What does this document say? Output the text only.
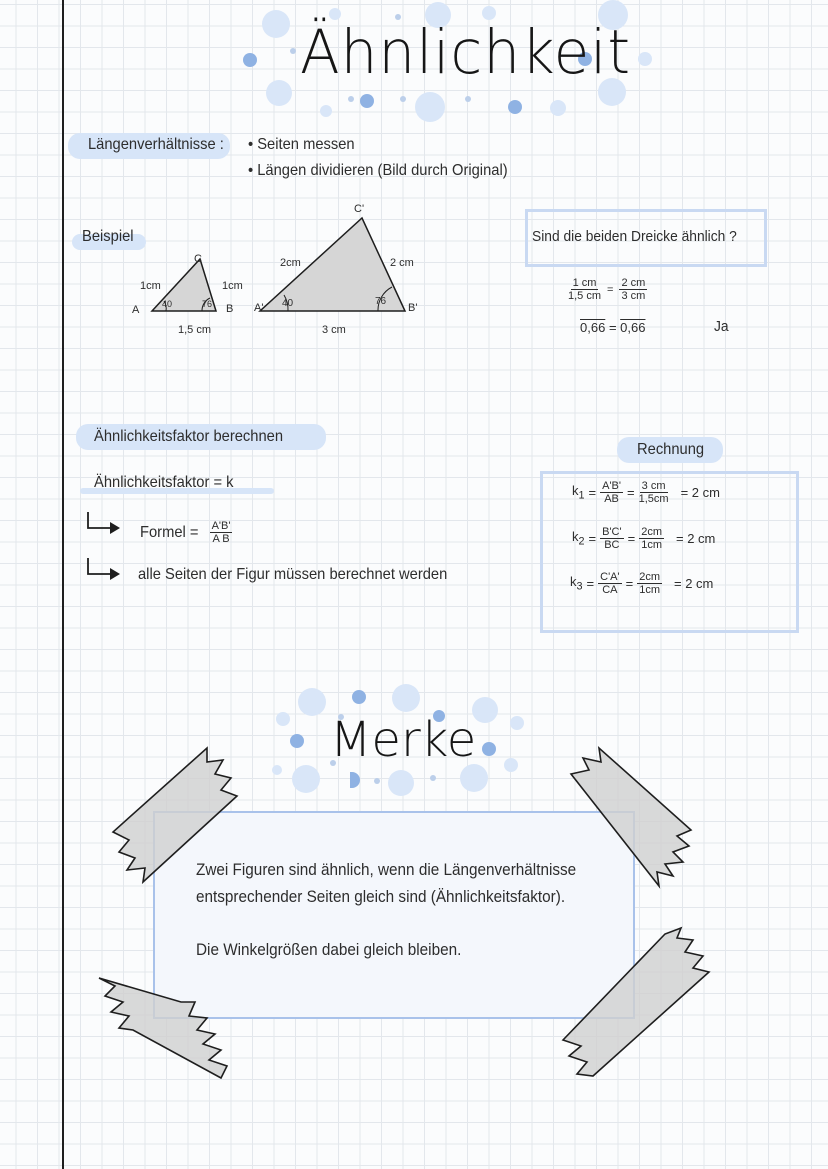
Ähnlichkeit
Längenverhältnisse : • Seiten messen
• Längen dividieren (Bild durch Original)
Beispiel
C
A	B
1cm	1cm
1,5 cm
40	76
C'
A'	B'
2cm	2 cm
3 cm
40	76
Sind die beiden Dreicke ähnlich ?
$\frac{1 cm}{1,5 cm} = \frac{2 cm}{3 cm}$
0,66 = 0,66	Ja
Ähnlichkeitsfaktor berechnen
Ähnlichkeitsfaktor = k
Formel = $\frac{A'B'}{\text{A B}}$
alle Seiten der Figur müssen berechnet werden
Rechnung
$k_1 = \frac{A'B'}{AB} = \frac{3 cm}{1,5cm} = 2$ cm
$k_2 = \frac{B'C'}{BC} = \frac{2cm}{1cm} = 2$ cm
$k_3 = \frac{C'A'}{CA} = \frac{2cm}{1cm} = 2$ cm
Merke
Zwei Figuren sind ähnlich, wenn die Längenverhältnisse
entsprechender Seiten gleich sind (Ähnlichkeitsfaktor).
Die Winkelgrößen dabei gleich bleiben.
